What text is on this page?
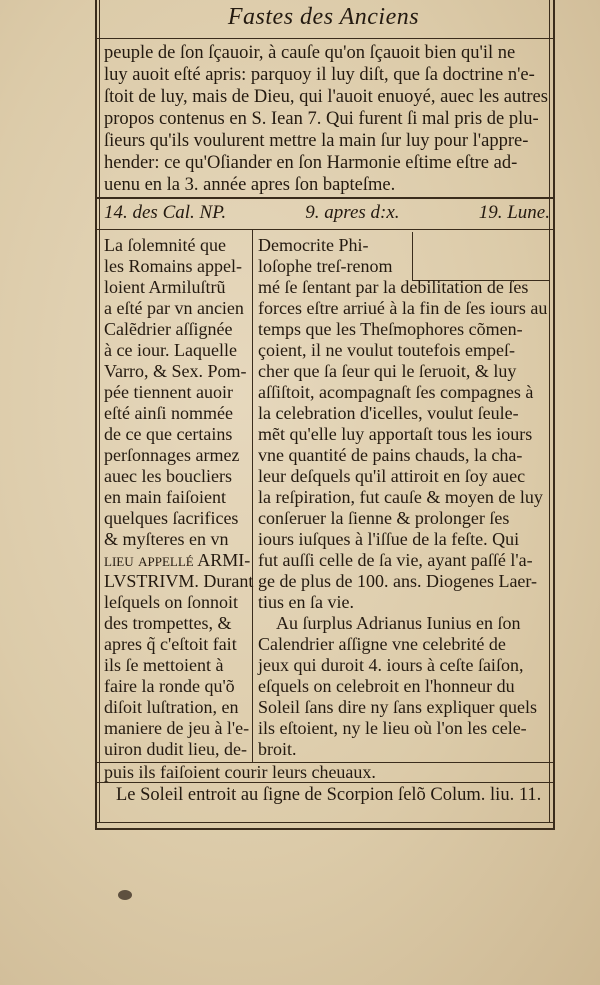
Fastes des Anciens
peuple de ſon ſçauoir, à cauſe qu'on ſçauoit bien qu'il ne
luy auoit eſté apris: parquoy il luy diſt, que ſa doctrine n'e-
ſtoit de luy, mais de Dieu, qui l'auoit enuoyé, auec les autres
propos contenus en S. Iean 7. Qui furent ſi mal pris de plu-
ſieurs qu'ils voulurent mettre la main ſur luy pour l'appre-
hender: ce qu'Oſiander en ſon Harmonie eſtime eſtre ad-
uenu en la 3. année apres ſon bapteſme.
14. des Cal. NP.	9. apres d:x.	19. Lune.
La ſolemnité que
les Romains appel-
loient Armiluſtrũ
a eſté par vn ancien
Calẽdrier aſſignée
à ce iour. Laquelle
Varro, & Sex. Pom-
pée tiennent auoir
eſté ainſi nommée
de ce que certains
perſonnages armez
auec les boucliers
en main faiſoient
quelques ſacrifices
& myſteres en vn
lieu appellé ARMI-
LVSTRIVM. Durant
leſquels on ſonnoit
des trompettes, &
apres q̃ c'eſtoit fait
ils ſe mettoient à
faire la ronde qu'õ
diſoit luſtration, en
maniere de jeu à l'e-
uiron dudit lieu, de-
Democrite Phi-
loſophe treſ-renom
mé ſe ſentant par la debilitation de ſes
forces eſtre arriué à la fin de ſes iours au
temps que les Theſmophores cõmen-
çoient, il ne voulut toutefois empeſ-
cher que ſa ſeur qui le ſeruoit, & luy
aſſiſtoit, acompagnaſt ſes compagnes à
la celebration d'icelles, voulut ſeule-
mẽt qu'elle luy apportaſt tous les iours
vne quantité de pains chauds, la cha-
leur deſquels qu'il attiroit en ſoy auec
la reſpiration, fut cauſe & moyen de luy
conſeruer la ſienne & prolonger ſes
iours iuſques à l'iſſue de la feſte. Qui
fut auſſi celle de ſa vie, ayant paſſé l'a-
ge de plus de 100. ans. Diogenes Laer-
tius en ſa vie.
Au ſurplus Adrianus Iunius en ſon
Calendrier aſſigne vne celebrité de
jeux qui duroit 4. iours à ceſte ſaiſon,
eſquels on celebroit en l'honneur du
Soleil ſans dire ny ſans expliquer quels
ils eſtoient, ny le lieu où l'on les cele-
broit.
puis ils faiſoient courir leurs cheuaux.
Le Soleil entroit au ſigne de Scorpion ſelõ Colum. liu. 11.
